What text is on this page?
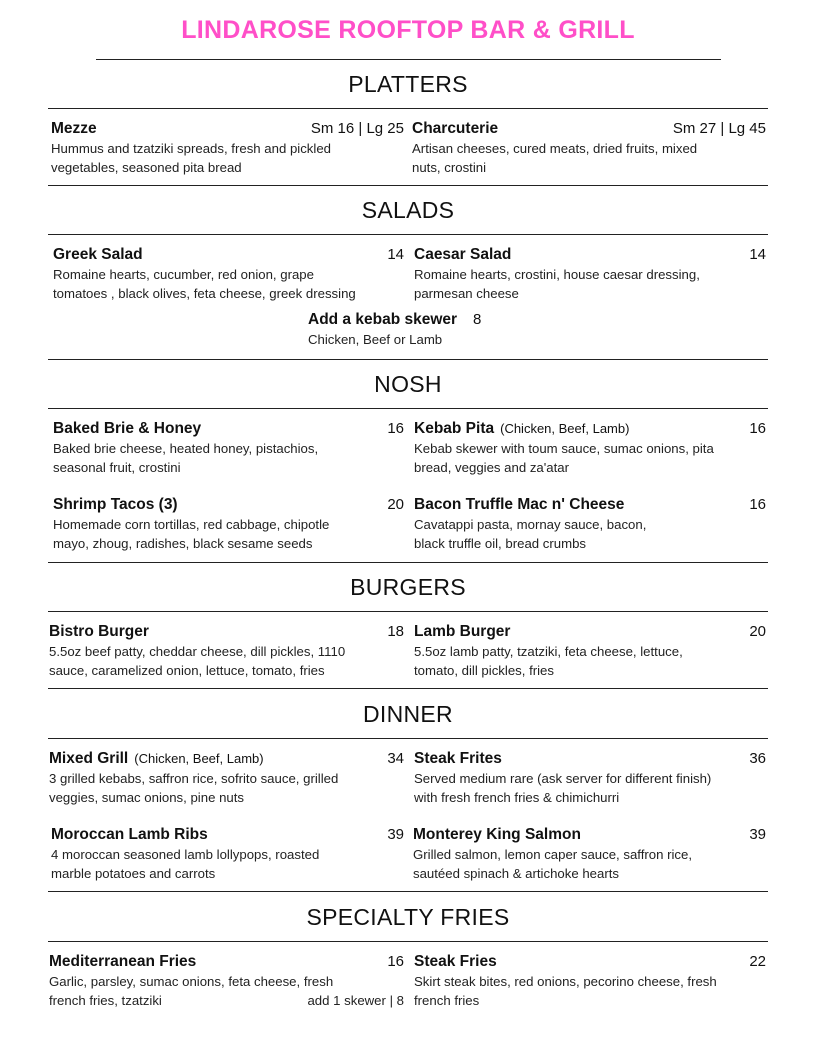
LINDAROSE ROOFTOP BAR & GRILL
PLATTERS
Mezze	Sm 16 | Lg 25
Hummus and tzatziki spreads, fresh and pickled
vegetables, seasoned pita bread
Charcuterie	Sm 27 | Lg 45
Artisan cheeses, cured meats, dried fruits, mixed
nuts, crostini
SALADS
Greek Salad	14
Romaine hearts, cucumber, red onion, grape
tomatoes , black olives, feta cheese, greek dressing
Caesar Salad	14
Romaine hearts, crostini, house caesar dressing,
parmesan cheese
Add a kebab skewer 8
Chicken, Beef or Lamb
NOSH
Baked Brie & Honey	16
Baked brie cheese, heated honey, pistachios,
seasonal fruit, crostini
Kebab Pita (Chicken, Beef, Lamb)	16
Kebab skewer with toum sauce, sumac onions, pita
bread, veggies and za'atar
Shrimp Tacos (3)	20
Homemade corn tortillas, red cabbage, chipotle
mayo, zhoug, radishes, black sesame seeds
Bacon Truffle Mac n' Cheese	16
Cavatappi pasta, mornay sauce, bacon,
black truffle oil, bread crumbs
BURGERS
Bistro Burger	18
5.5oz beef patty, cheddar cheese, dill pickles, 1110
sauce, caramelized onion, lettuce, tomato, fries
Lamb Burger	20
5.5oz lamb patty, tzatziki, feta cheese, lettuce,
tomato, dill pickles, fries
DINNER
Mixed Grill (Chicken, Beef, Lamb)	34
3 grilled kebabs, saffron rice, sofrito sauce, grilled
veggies, sumac onions, pine nuts
Steak Frites	36
Served medium rare (ask server for different finish)
with fresh french fries & chimichurri
Moroccan Lamb Ribs	39
4 moroccan seasoned lamb lollypops, roasted
marble potatoes and carrots
Monterey King Salmon	39
Grilled salmon, lemon caper sauce, saffron rice,
sautéed spinach & artichoke hearts
SPECIALTY FRIES
Mediterranean Fries	16
Garlic, parsley, sumac onions, feta cheese, fresh
french fries, tzatziki	add 1 skewer | 8
Steak Fries	22
Skirt steak bites, red onions, pecorino cheese, fresh
french fries
